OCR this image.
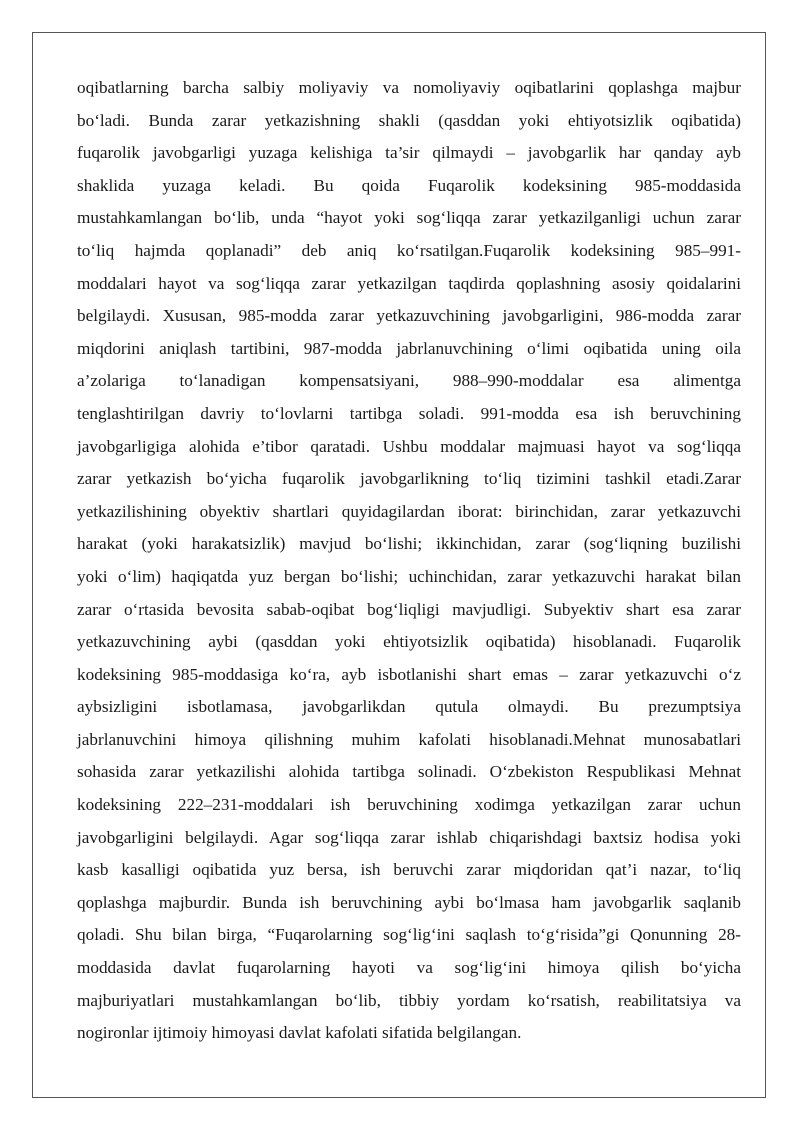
oqibatlarning barcha salbiy moliyaviy va nomoliyaviy oqibatlarini qoplashga majbur
bo‘ladi. Bunda zarar yetkazishning shakli (qasddan yoki ehtiyotsizlik oqibatida)
fuqarolik javobgarligi yuzaga kelishiga ta’sir qilmaydi – javobgarlik har qanday ayb
shaklida yuzaga keladi. Bu qoida Fuqarolik kodeksining 985-moddasida
mustahkamlangan bo‘lib, unda “hayot yoki sog‘liqqa zarar yetkazilganligi uchun zarar
to‘liq hajmda qoplanadi” deb aniq ko‘rsatilgan.Fuqarolik kodeksining 985–991-
moddalari hayot va sog‘liqqa zarar yetkazilgan taqdirda qoplashning asosiy qoidalarini
belgilaydi. Xususan, 985-modda zarar yetkazuvchining javobgarligini, 986-modda zarar
miqdorini aniqlash tartibini, 987-modda jabrlanuvchining o‘limi oqibatida uning oila
a’zolariga to‘lanadigan kompensatsiyani, 988–990-moddalar esa alimentga
tenglashtirilgan davriy to‘lovlarni tartibga soladi. 991-modda esa ish beruvchining
javobgarligiga alohida e’tibor qaratadi. Ushbu moddalar majmuasi hayot va sog‘liqqa
zarar yetkazish bo‘yicha fuqarolik javobgarlikning to‘liq tizimini tashkil etadi.Zarar
yetkazilishining obyektiv shartlari quyidagilardan iborat: birinchidan, zarar yetkazuvchi
harakat (yoki harakatsizlik) mavjud bo‘lishi; ikkinchidan, zarar (sog‘liqning buzilishi
yoki o‘lim) haqiqatda yuz bergan bo‘lishi; uchinchidan, zarar yetkazuvchi harakat bilan
zarar o‘rtasida bevosita sabab-oqibat bog‘liqligi mavjudligi. Subyektiv shart esa zarar
yetkazuvchining aybi (qasddan yoki ehtiyotsizlik oqibatida) hisoblanadi. Fuqarolik
kodeksining 985-moddasiga ko‘ra, ayb isbotlanishi shart emas – zarar yetkazuvchi o‘z
aybsizligini isbotlamasa, javobgarlikdan qutula olmaydi. Bu prezumptsiya
jabrlanuvchini himoya qilishning muhim kafolati hisoblanadi.Mehnat munosabatlari
sohasida zarar yetkazilishi alohida tartibga solinadi. O‘zbekiston Respublikasi Mehnat
kodeksining 222–231-moddalari ish beruvchining xodimga yetkazilgan zarar uchun
javobgarligini belgilaydi. Agar sog‘liqqa zarar ishlab chiqarishdagi baxtsiz hodisa yoki
kasb kasalligi oqibatida yuz bersa, ish beruvchi zarar miqdoridan qat’i nazar, to‘liq
qoplashga majburdir. Bunda ish beruvchining aybi bo‘lmasa ham javobgarlik saqlanib
qoladi. Shu bilan birga, “Fuqarolarning sog‘lig‘ini saqlash to‘g‘risida”gi Qonunning 28-
moddasida davlat fuqarolarning hayoti va sog‘lig‘ini himoya qilish bo‘yicha
majburiyatlari mustahkamlangan bo‘lib, tibbiy yordam ko‘rsatish, reabilitatsiya va
nogironlar ijtimoiy himoyasi davlat kafolati sifatida belgilangan.
